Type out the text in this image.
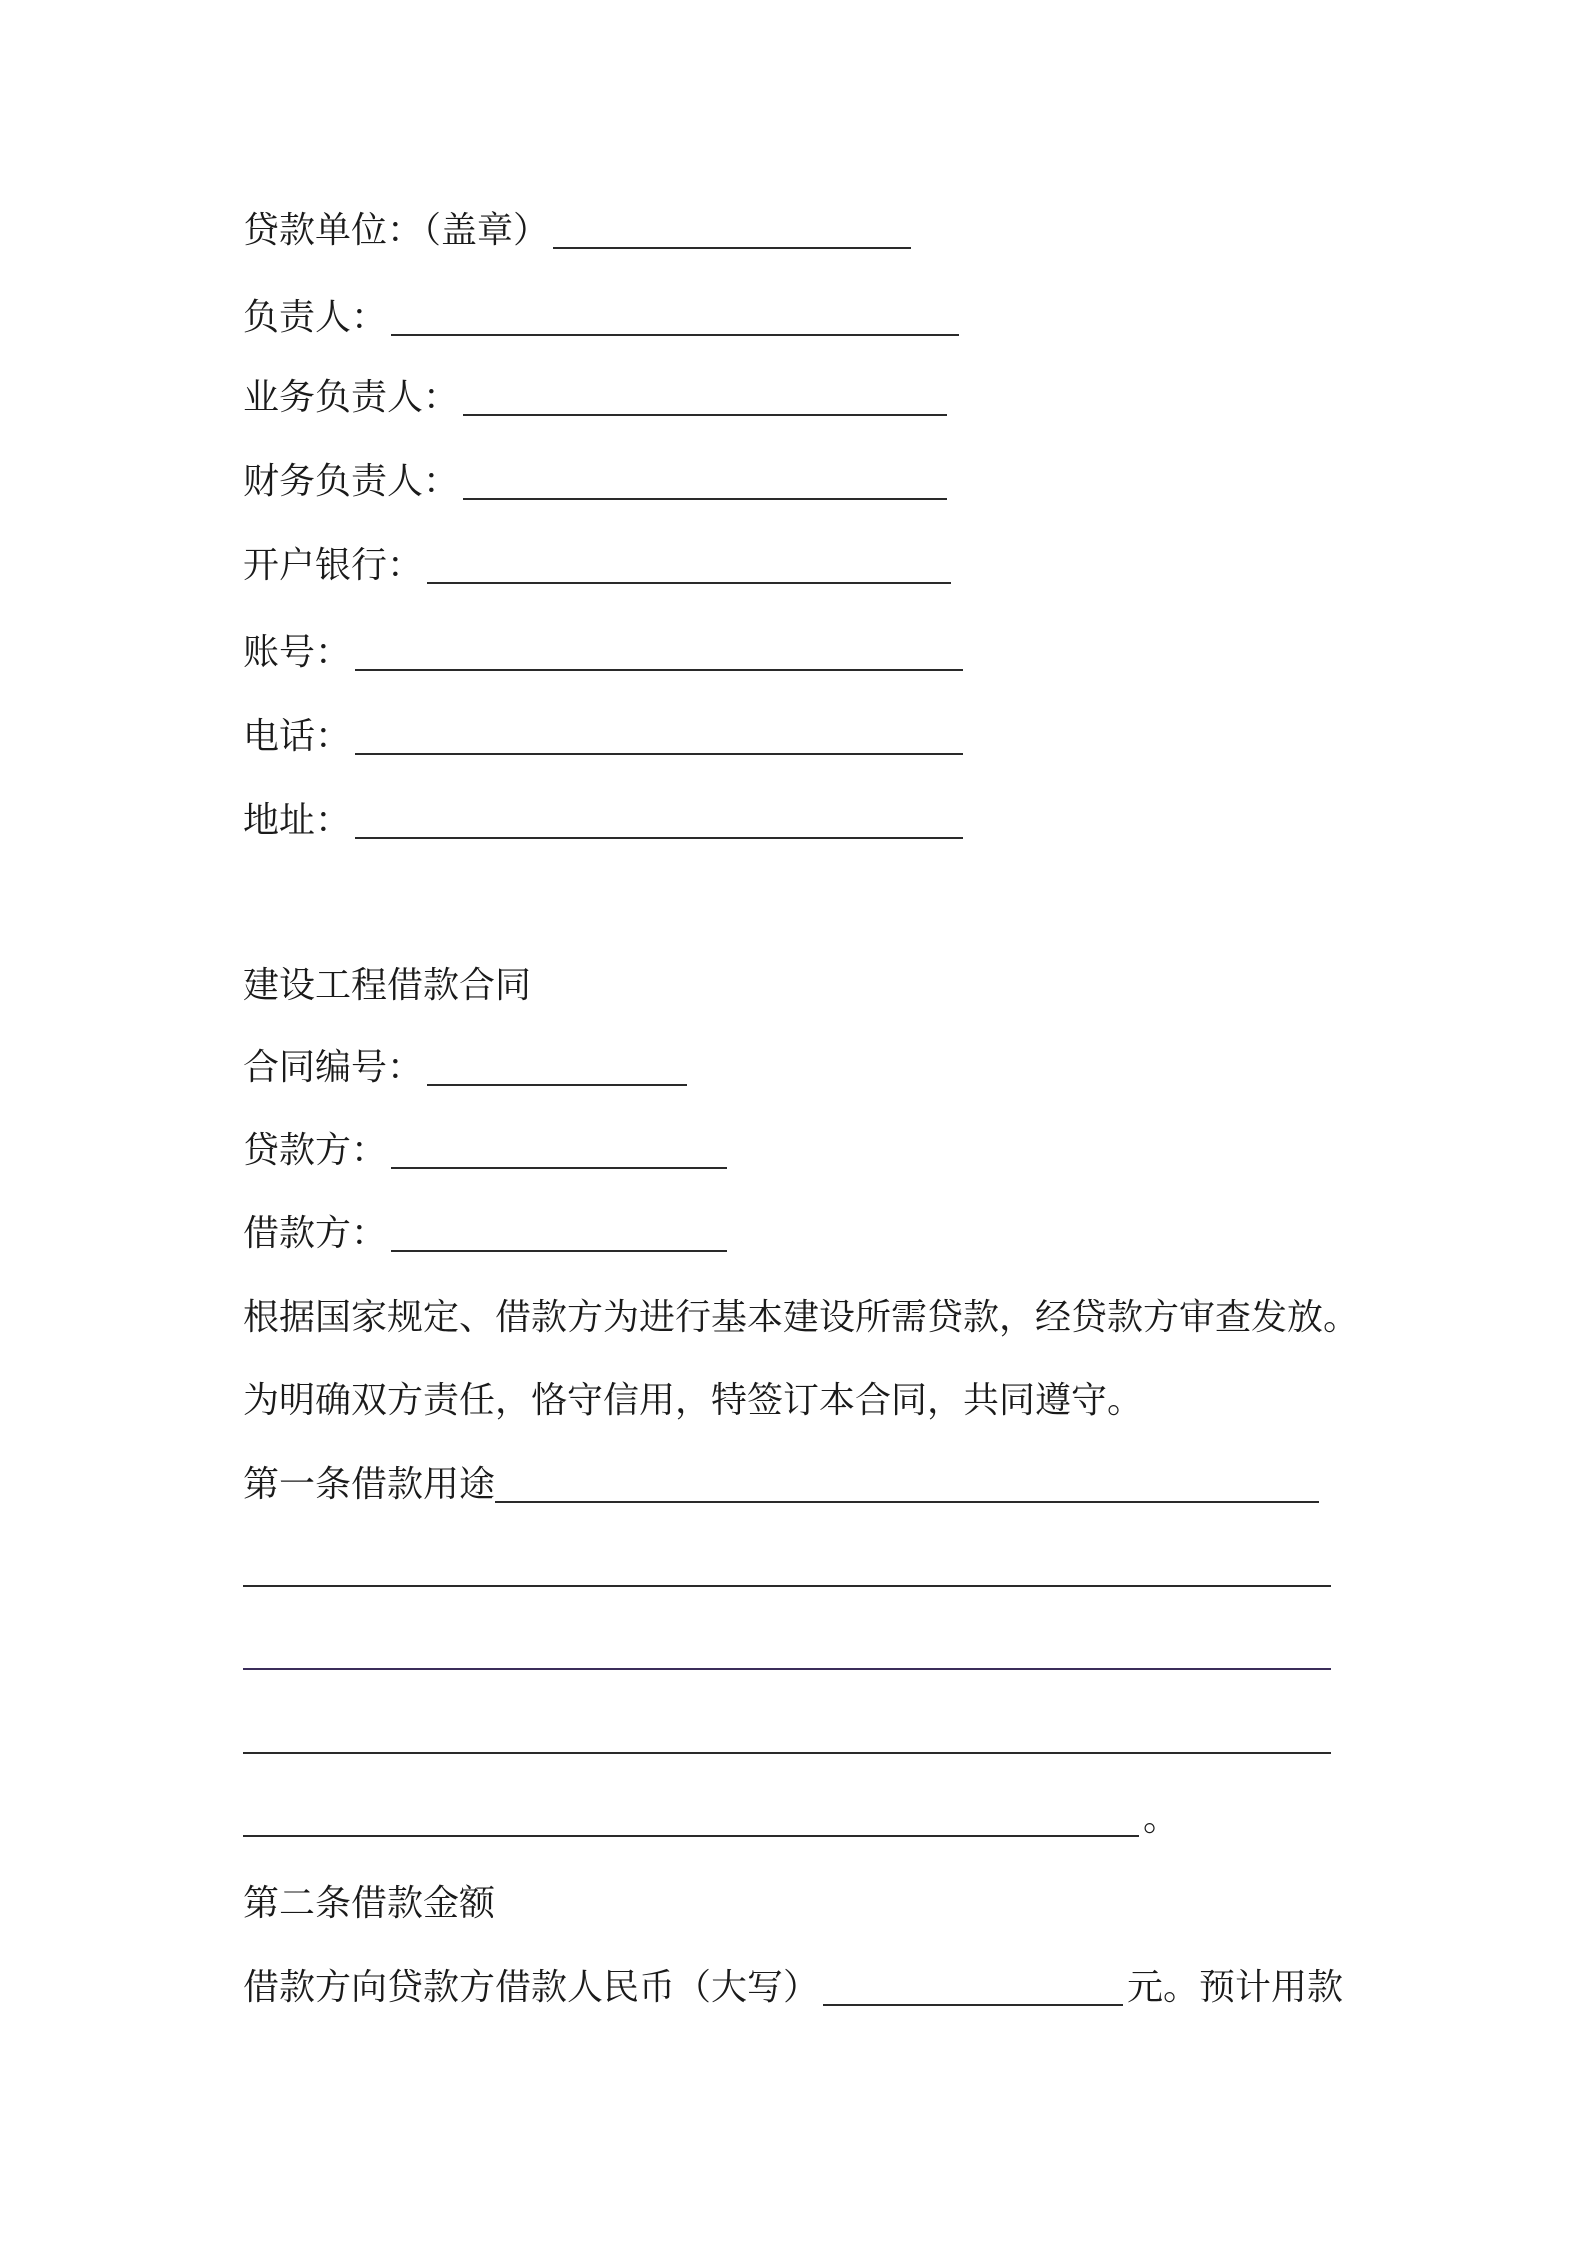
贷款单位：（盖章）
负责人：
业务负责人：
财务负责人：
开户银行：
账号：
电话：
地址：
建设工程借款合同
合同编号：
贷款方：
借款方：
根据国家规定、借款方为进行基本建设所需贷款，经贷款方审查发放。
为明确双方责任，恪守信用，特签订本合同，共同遵守。
第一条借款用途
。
第二条借款金额
借款方向贷款方借款人民币（大写）	元。预计用款
